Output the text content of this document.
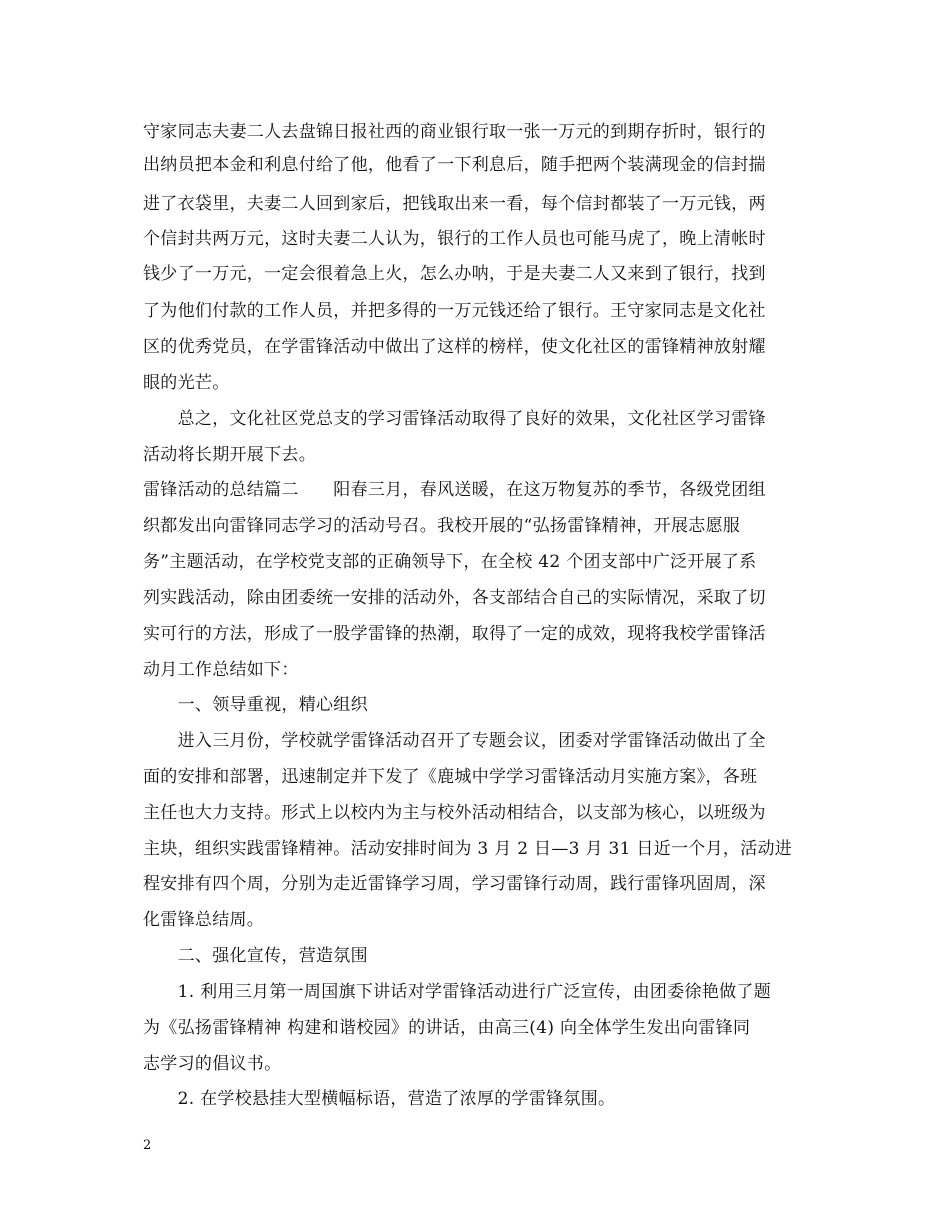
守家同志夫妻二人去盘锦日报社西的商业银行取一张一万元的到期存折时，银行的
出纳员把本金和利息付给了他，他看了一下利息后，随手把两个装满现金的信封揣
进了衣袋里，夫妻二人回到家后，把钱取出来一看，每个信封都装了一万元钱，两
个信封共两万元，这时夫妻二人认为，银行的工作人员也可能马虎了，晚上清帐时
钱少了一万元，一定会很着急上火，怎么办呐，于是夫妻二人又来到了银行，找到
了为他们付款的工作人员，并把多得的一万元钱还给了银行。王守家同志是文化社
区的优秀党员，在学雷锋活动中做出了这样的榜样，使文化社区的雷锋精神放射耀
眼的光芒。
　　总之，文化社区党总支的学习雷锋活动取得了良好的效果，文化社区学习雷锋
活动将长期开展下去。
雷锋活动的总结篇二　　阳春三月，春风送暖，在这万物复苏的季节，各级党团组
织都发出向雷锋同志学习的活动号召。我校开展的“弘扬雷锋精神，开展志愿服
务”主题活动，在学校党支部的正确领导下，在全校 42 个团支部中广泛开展了系
列实践活动，除由团委统一安排的活动外，各支部结合自己的实际情况，采取了切
实可行的方法，形成了一股学雷锋的热潮，取得了一定的成效，现将我校学雷锋活
动月工作总结如下：
　　一、领导重视，精心组织
　　进入三月份，学校就学雷锋活动召开了专题会议，团委对学雷锋活动做出了全
面的安排和部署，迅速制定并下发了《鹿城中学学习雷锋活动月实施方案》，各班
主任也大力支持。形式上以校内为主与校外活动相结合，以支部为核心，以班级为
主块，组织实践雷锋精神。活动安排时间为 3 月 2 日—3 月 31 日近一个月，活动进
程安排有四个周，分别为走近雷锋学习周，学习雷锋行动周，践行雷锋巩固周，深
化雷锋总结周。
　　二、强化宣传，营造氛围
　　1. 利用三月第一周国旗下讲话对学雷锋活动进行广泛宣传，由团委徐艳做了题
为《弘扬雷锋精神 构建和谐校园》的讲话，由高三(4) 向全体学生发出向雷锋同
志学习的倡议书。
　　2. 在学校悬挂大型横幅标语，营造了浓厚的学雷锋氛围。
2
